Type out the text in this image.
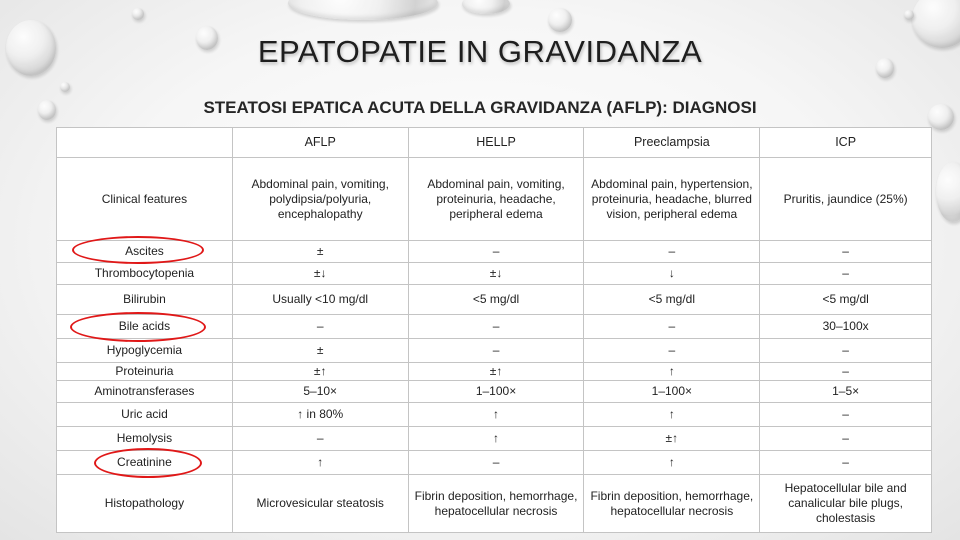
EPATOPATIE IN GRAVIDANZA
STEATOSI EPATICA ACUTA DELLA GRAVIDANZA (AFLP): DIAGNOSI
	AFLP	HELLP	Preeclampsia	ICP
Clinical features	Abdominal pain, vomiting, polydipsia/polyuria, encephalopathy	Abdominal pain, vomiting, proteinuria, headache, peripheral edema	Abdominal pain, hypertension, proteinuria, headache, blurred vision, peripheral edema	Pruritis, jaundice (25%)
Ascites	±	–	–	–
Thrombocytopenia	±↓	±↓	↓	–
Bilirubin	Usually <10 mg/dl	<5 mg/dl	<5 mg/dl	<5 mg/dl
Bile acids	–	–	–	30–100x
Hypoglycemia	±	–	–	–
Proteinuria	±↑	±↑	↑	–
Aminotransferases	5–10×	1–100×	1–100×	1–5×
Uric acid	↑ in 80%	↑	↑	–
Hemolysis	–	↑	±↑	–
Creatinine	↑	–	↑	–
Histopathology	Microvesicular steatosis	Fibrin deposition, hemorrhage, hepatocellular necrosis	Fibrin deposition, hemorrhage, hepatocellular necrosis	Hepatocellular bile and canalicular bile plugs, cholestasis
